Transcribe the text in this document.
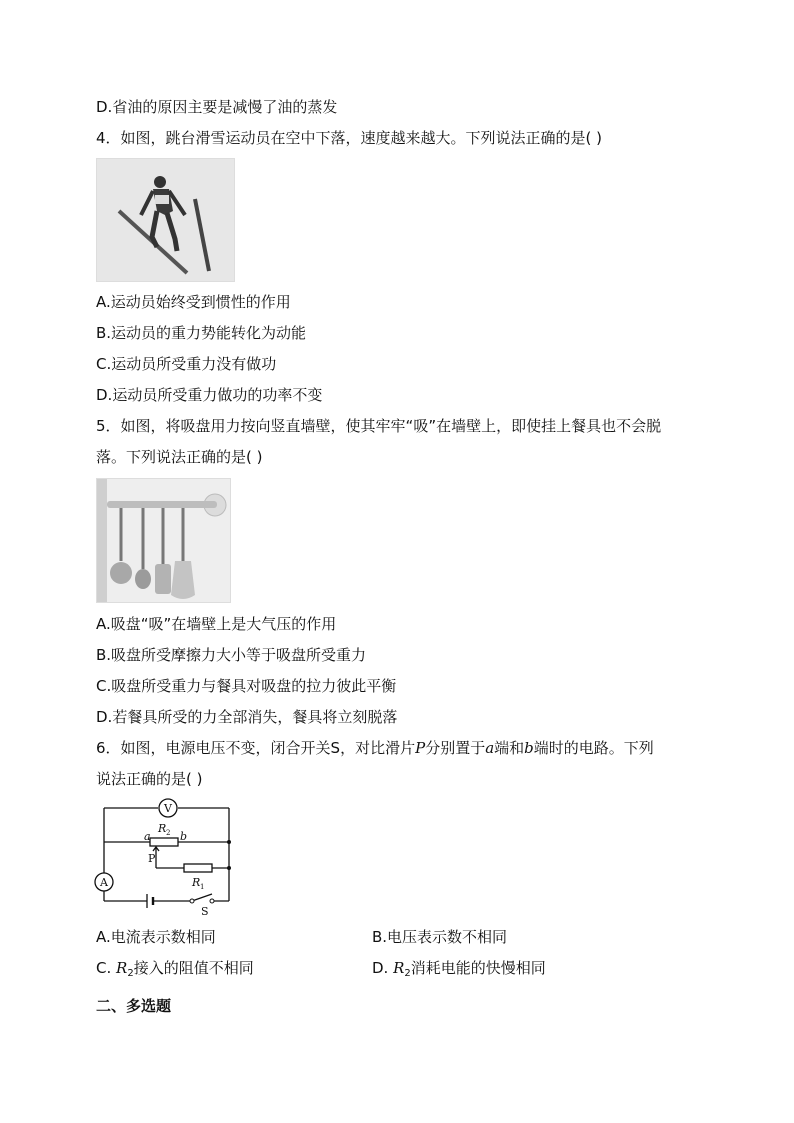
D.省油的原因主要是减慢了油的蒸发
4．如图，跳台滑雪运动员在空中下落，速度越来越大。下列说法正确的是( )
A.运动员始终受到惯性的作用
B.运动员的重力势能转化为动能
C.运动员所受重力没有做功
D.运动员所受重力做功的功率不变
5．如图，将吸盘用力按向竖直墙壁，使其牢牢“吸”在墙壁上，即使挂上餐具也不会脱
落。下列说法正确的是( )
A.吸盘“吸”在墙壁上是大气压的作用
B.吸盘所受摩擦力大小等于吸盘所受重力
C.吸盘所受重力与餐具对吸盘的拉力彼此平衡
D.若餐具所受的力全部消失，餐具将立刻脱落
6．如图，电源电压不变，闭合开关S，对比滑片P分别置于a端和b端时的电路。下列
说法正确的是( )
V
A
R 2
a	b
P
R 1
S
A.电流表示数相同	B.电压表示数不相同
C. $R_2$接入的阻值不相同	D. $R_2$消耗电能的快慢相同
二、多选题
